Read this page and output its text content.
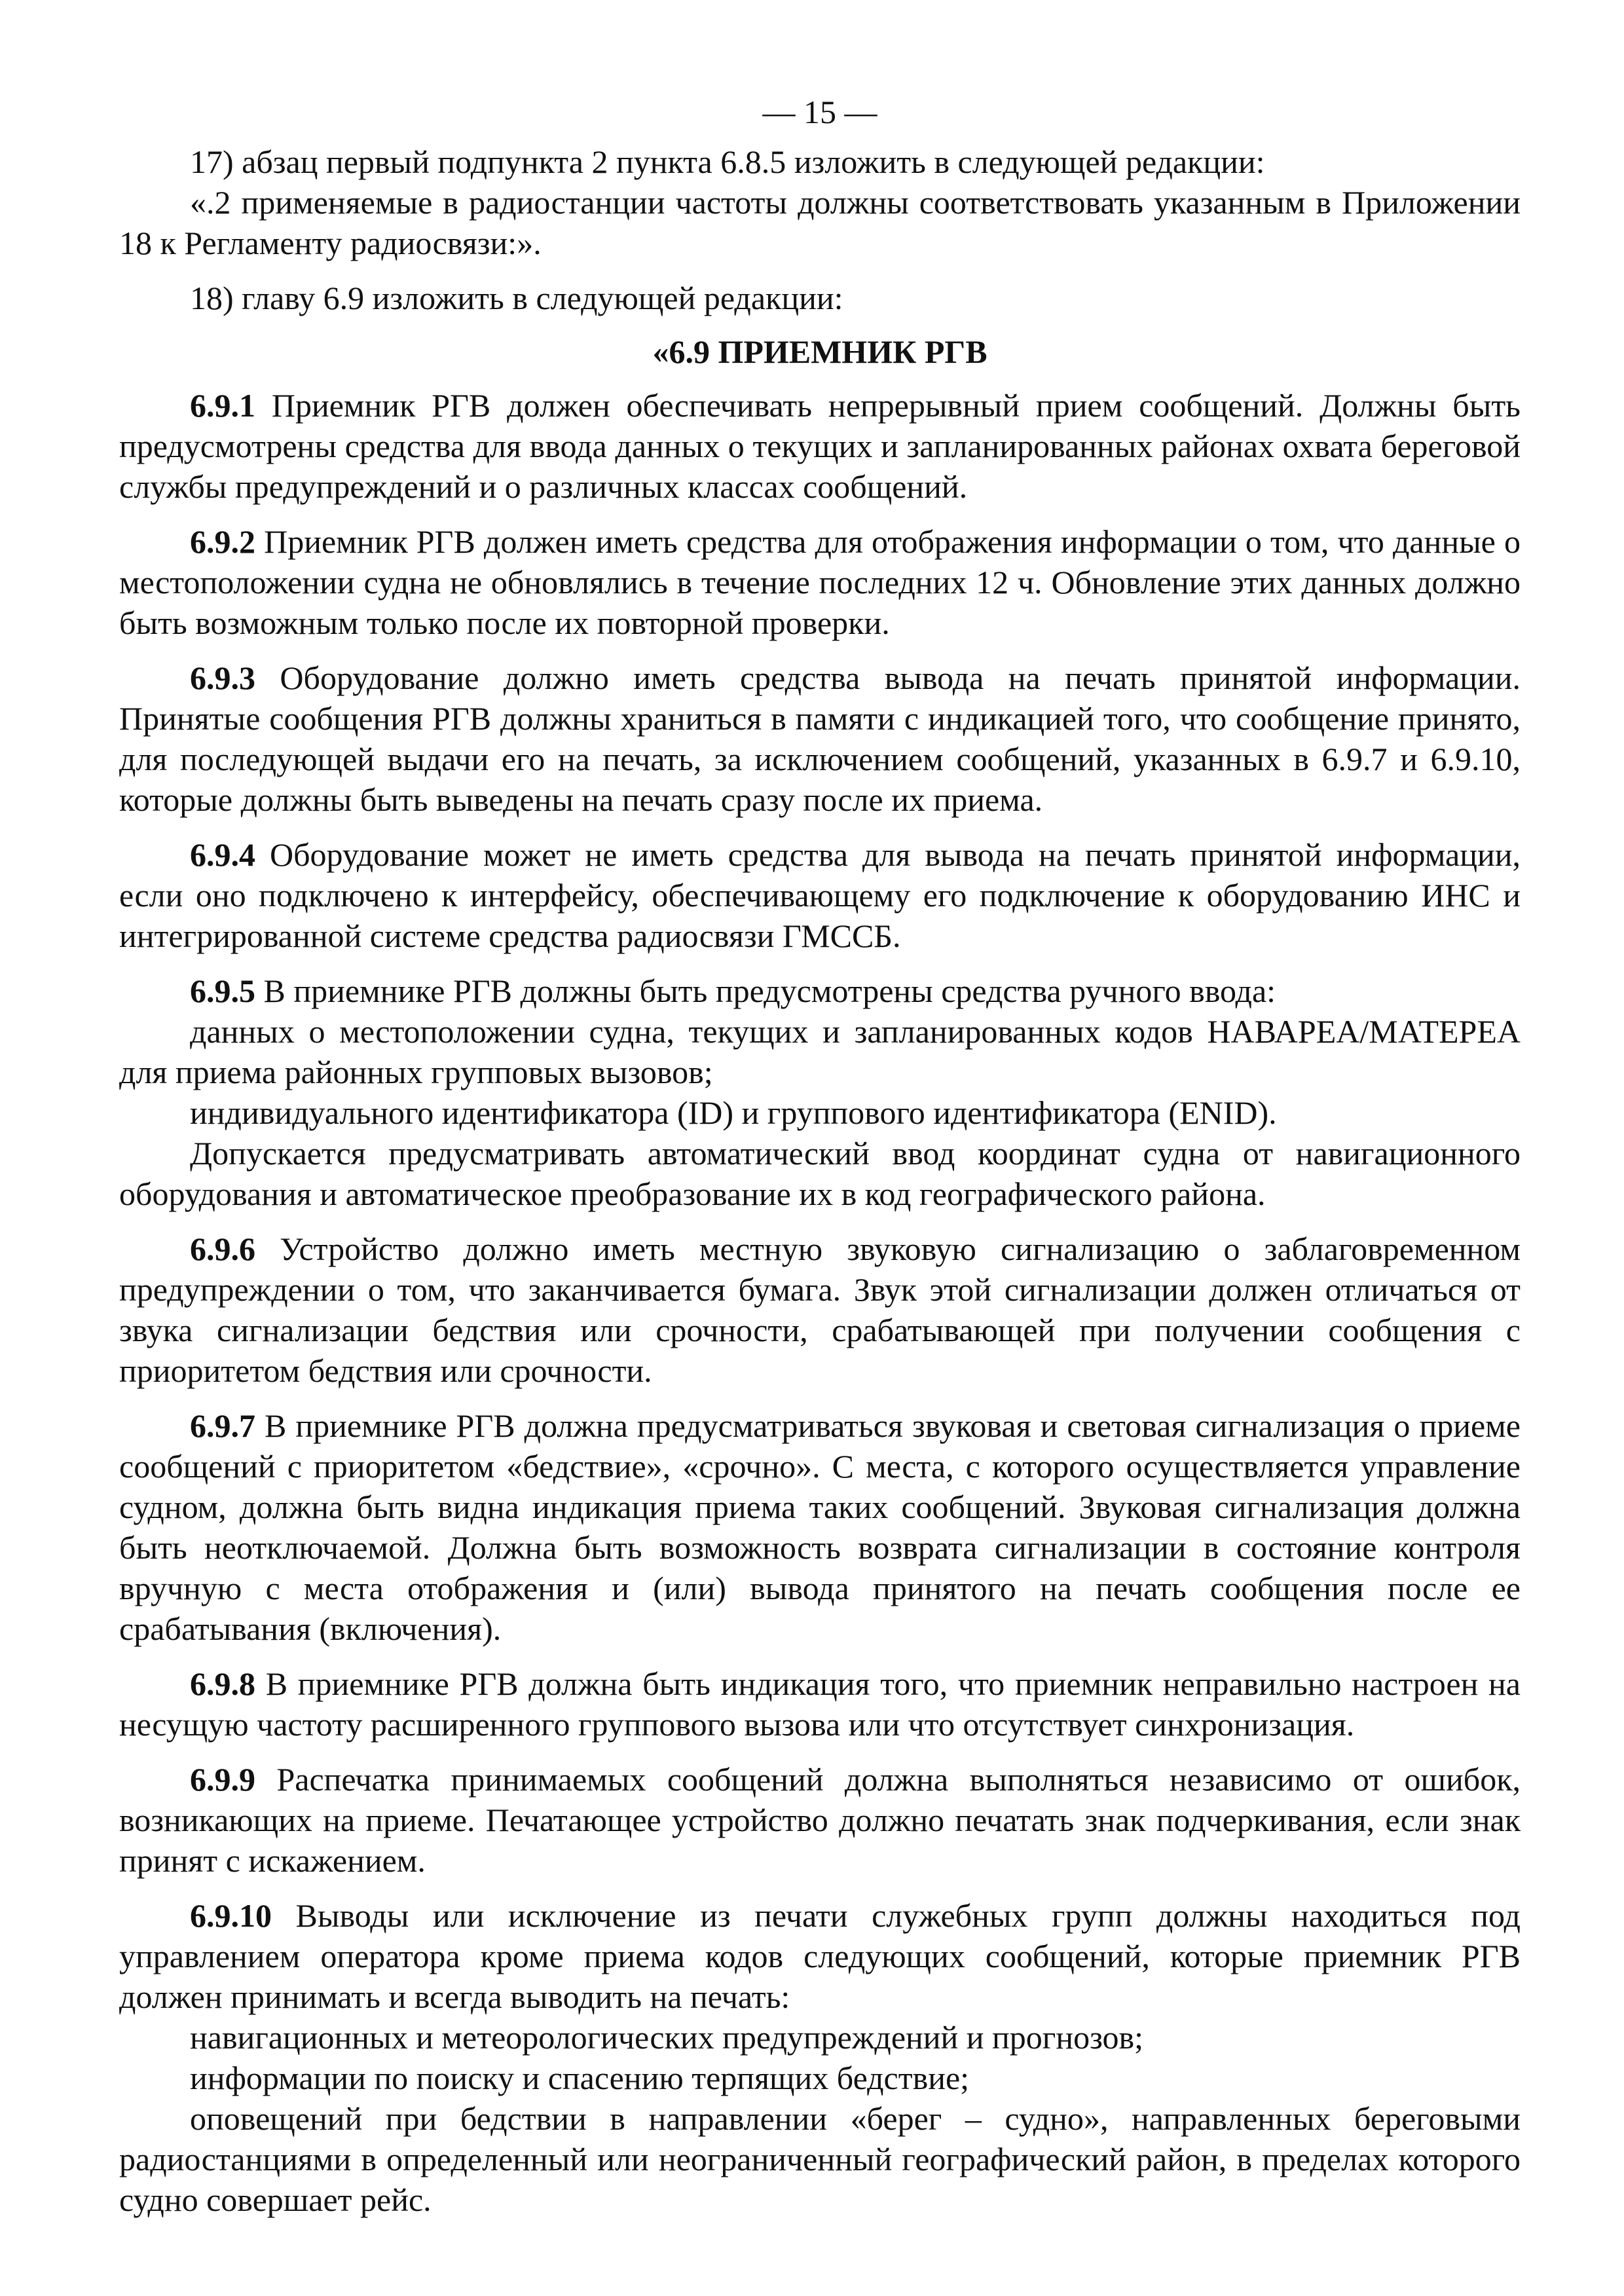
— 15 —

17) абзац первый подпункта 2 пункта 6.8.5 изложить в следующей редакции:

«.2 применяемые в радиостанции частоты должны соответствовать указанным в Приложении 18 к Регламенту радиосвязи:».

18) главу 6.9 изложить в следующей редакции:

«6.9 ПРИЕМНИК РГВ

6.9.1 Приемник РГВ должен обеспечивать непрерывный прием сообщений. Должны быть предусмотрены средства для ввода данных о текущих и запланированных районах охвата береговой службы предупреждений и о различных классах сообщений.

6.9.2 Приемник РГВ должен иметь средства для отображения информации о том, что данные о местоположении судна не обновлялись в течение последних 12 ч. Обновление этих данных должно быть возможным только после их повторной проверки.

6.9.3 Оборудование должно иметь средства вывода на печать принятой информации. Принятые сообщения РГВ должны храниться в памяти с индикацией того, что сообщение принято, для последующей выдачи его на печать, за исключением сообщений, указанных в 6.9.7 и 6.9.10, которые должны быть выведены на печать сразу после их приема.

6.9.4 Оборудование может не иметь средства для вывода на печать принятой информации, если оно подключено к интерфейсу, обеспечивающему его подключение к оборудованию ИНС и интегрированной системе средства радиосвязи ГМССБ.

6.9.5 В приемнике РГВ должны быть предусмотрены средства ручного ввода:

данных о местоположении судна, текущих и запланированных кодов НАВАРЕА/МАТЕРЕА для приема районных групповых вызовов;

индивидуального идентификатора (ID) и группового идентификатора (ENID).

Допускается предусматривать автоматический ввод координат судна от навигационного оборудования и автоматическое преобразование их в код географического района.

6.9.6 Устройство должно иметь местную звуковую сигнализацию о заблаговременном предупреждении о том, что заканчивается бумага. Звук этой сигнализации должен отличаться от звука сигнализации бедствия или срочности, срабатывающей при получении сообщения с приоритетом бедствия или срочности.

6.9.7 В приемнике РГВ должна предусматриваться звуковая и световая сигнализация о приеме сообщений с приоритетом «бедствие», «срочно». С места, с которого осуществляется управление судном, должна быть видна индикация приема таких сообщений. Звуковая сигнализация должна быть неотключаемой. Должна быть возможность возврата сигнализации в состояние контроля вручную с места отображения и (или) вывода принятого на печать сообщения после ее срабатывания (включения).

6.9.8 В приемнике РГВ должна быть индикация того, что приемник неправильно настроен на несущую частоту расширенного группового вызова или что отсутствует синхронизация.

6.9.9 Распечатка принимаемых сообщений должна выполняться независимо от ошибок, возникающих на приеме. Печатающее устройство должно печатать знак подчеркивания, если знак принят с искажением.

6.9.10 Выводы или исключение из печати служебных групп должны находиться под управлением оператора кроме приема кодов следующих сообщений, которые приемник РГВ должен принимать и всегда выводить на печать:

навигационных и метеорологических предупреждений и прогнозов;

информации по поиску и спасению терпящих бедствие;

оповещений при бедствии в направлении «берег – судно», направленных береговыми радиостанциями в определенный или неограниченный географический район, в пределах которого судно совершает рейс.
